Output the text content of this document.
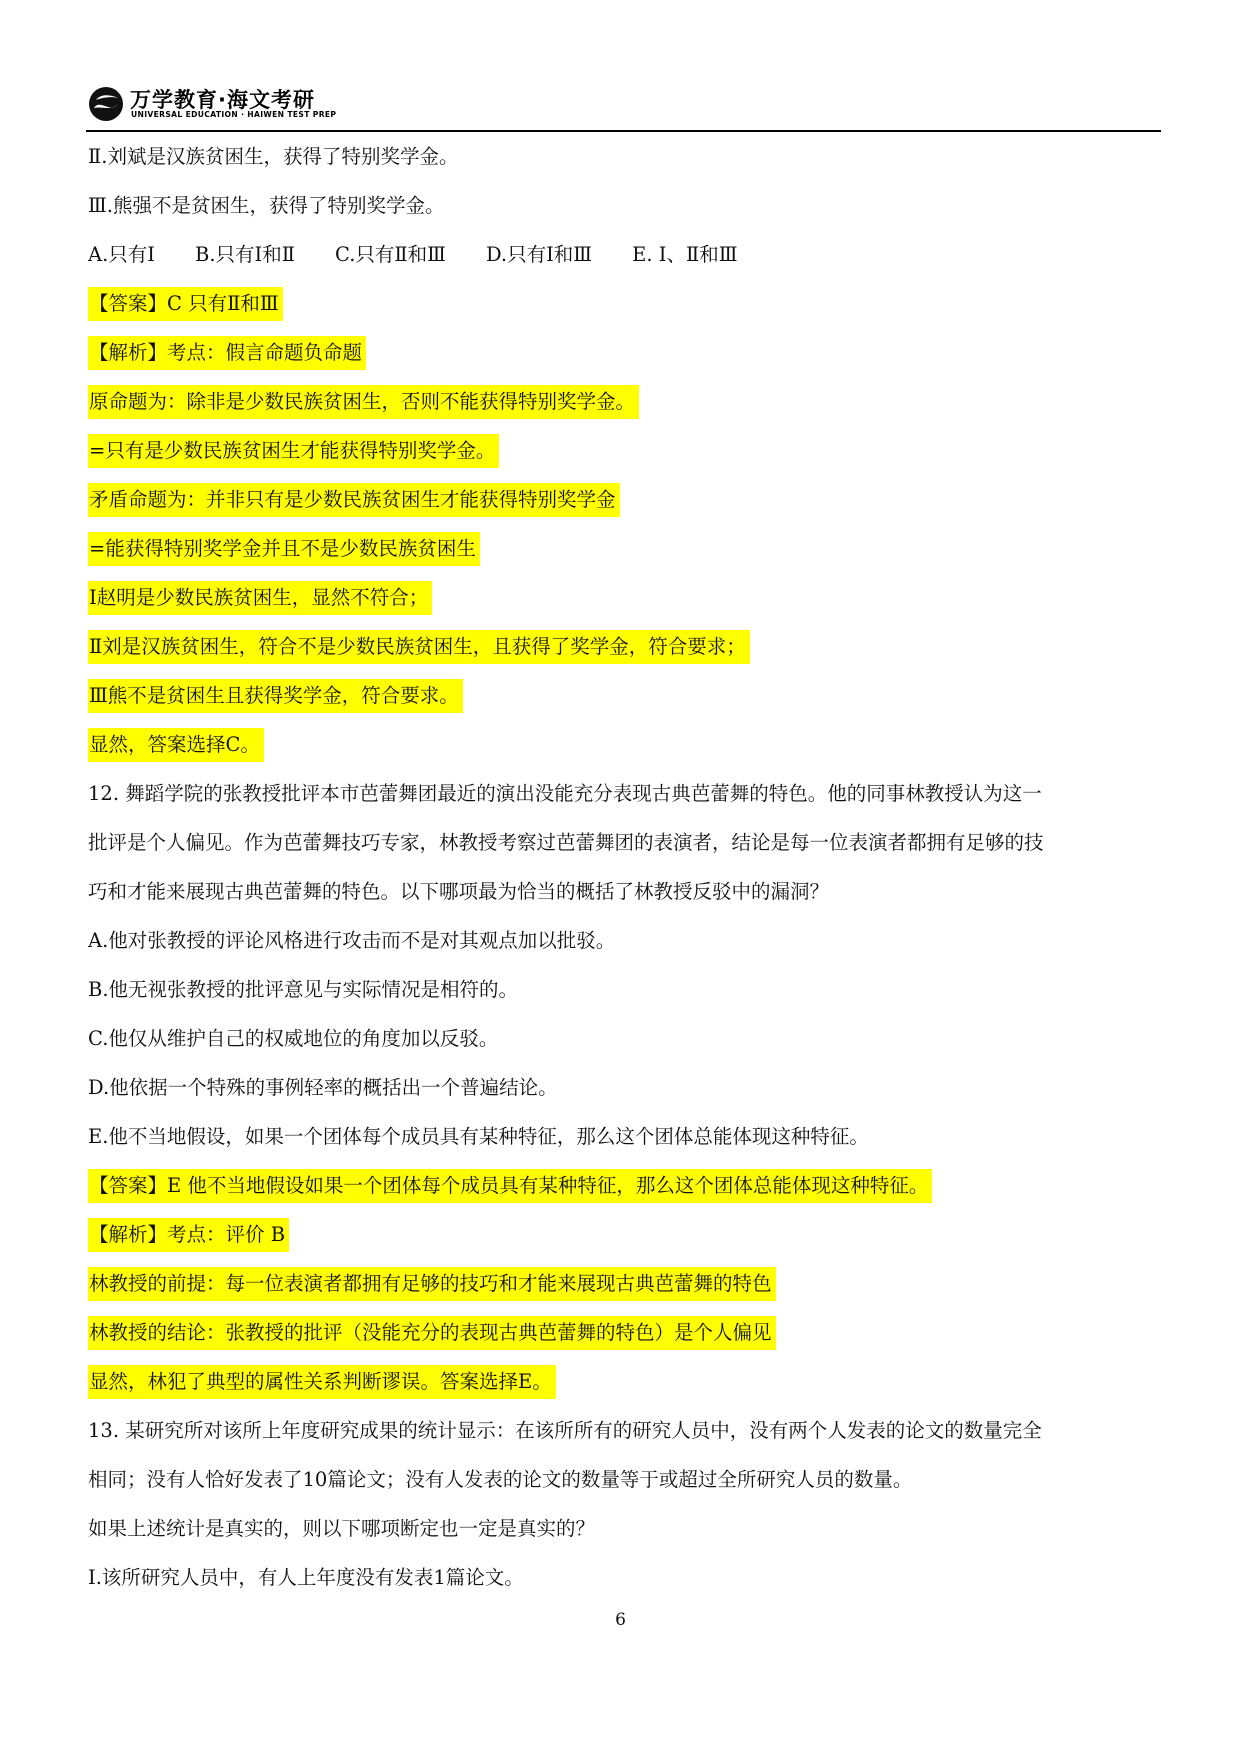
万学教育·海文考研
UNIVERSAL EDUCATION · HAIWEN TEST PREP
Ⅱ.刘斌是汉族贫困生，获得了特别奖学金。
Ⅲ.熊强不是贫困生，获得了特别奖学金。
A.只有Ⅰ B.只有Ⅰ和Ⅱ C.只有Ⅱ和Ⅲ D.只有Ⅰ和Ⅲ E. Ⅰ、Ⅱ和Ⅲ
【答案】C 只有Ⅱ和Ⅲ
【解析】考点：假言命题负命题
原命题为：除非是少数民族贫困生，否则不能获得特别奖学金。
=只有是少数民族贫困生才能获得特别奖学金。
矛盾命题为：并非只有是少数民族贫困生才能获得特别奖学金
=能获得特别奖学金并且不是少数民族贫困生
Ⅰ赵明是少数民族贫困生，显然不符合；
Ⅱ刘是汉族贫困生，符合不是少数民族贫困生，且获得了奖学金，符合要求；
Ⅲ熊不是贫困生且获得奖学金，符合要求。
显然，答案选择C。
12. 舞蹈学院的张教授批评本市芭蕾舞团最近的演出没能充分表现古典芭蕾舞的特色。他的同事林教授认为这一
批评是个人偏见。作为芭蕾舞技巧专家，林教授考察过芭蕾舞团的表演者，结论是每一位表演者都拥有足够的技
巧和才能来展现古典芭蕾舞的特色。以下哪项最为恰当的概括了林教授反驳中的漏洞？
A.他对张教授的评论风格进行攻击而不是对其观点加以批驳。
B.他无视张教授的批评意见与实际情况是相符的。
C.他仅从维护自己的权威地位的角度加以反驳。
D.他依据一个特殊的事例轻率的概括出一个普遍结论。
E.他不当地假设，如果一个团体每个成员具有某种特征，那么这个团体总能体现这种特征。
【答案】E 他不当地假设如果一个团体每个成员具有某种特征，那么这个团体总能体现这种特征。
【解析】考点：评价 B
林教授的前提：每一位表演者都拥有足够的技巧和才能来展现古典芭蕾舞的特色
林教授的结论：张教授的批评（没能充分的表现古典芭蕾舞的特色）是个人偏见
显然，林犯了典型的属性关系判断谬误。答案选择E。
13. 某研究所对该所上年度研究成果的统计显示：在该所所有的研究人员中，没有两个人发表的论文的数量完全
相同；没有人恰好发表了10篇论文；没有人发表的论文的数量等于或超过全所研究人员的数量。
如果上述统计是真实的，则以下哪项断定也一定是真实的？
Ⅰ.该所研究人员中，有人上年度没有发表1篇论文。
6
